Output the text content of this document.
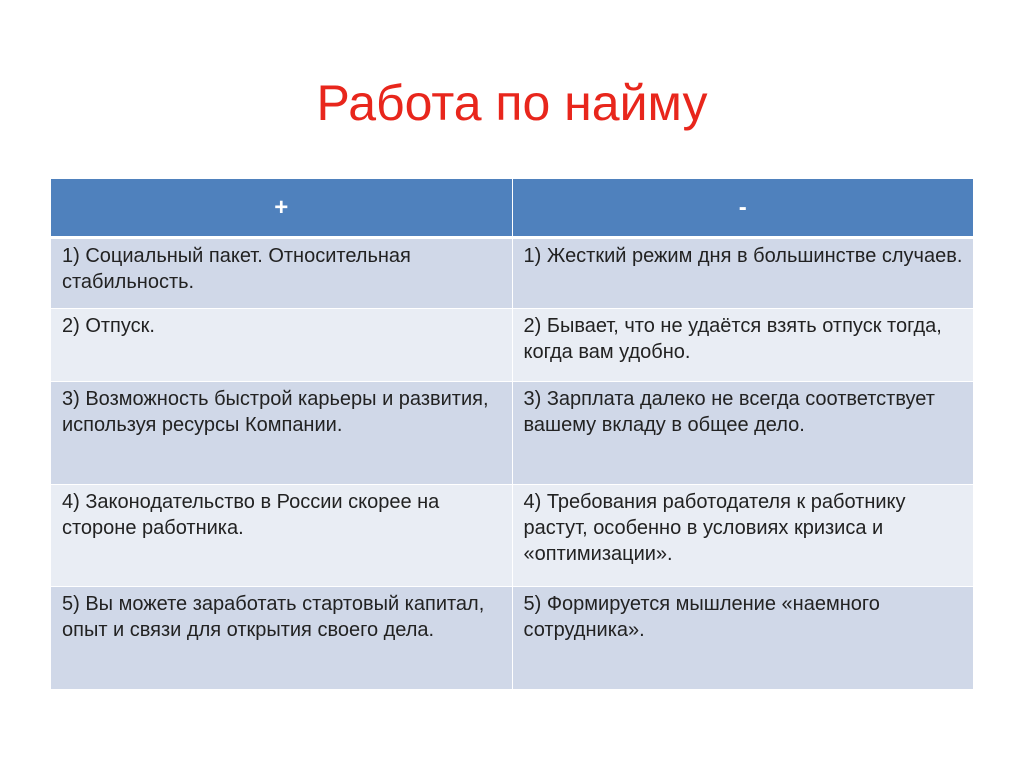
Работа по найму
+	-
1) Социальный пакет. Относительная стабильность.	1) Жесткий режим дня в большинстве случаев.
2) Отпуск.	2) Бывает, что не удаётся взять отпуск тогда, когда вам удобно.
3) Возможность быстрой карьеры и развития, используя ресурсы Компании.	3) Зарплата далеко не всегда соответствует вашему вкладу в общее дело.
4) Законодательство в России скорее на стороне работника.	4) Требования работодателя к работнику растут, особенно в условиях кризиса и «оптимизации».
5) Вы можете заработать стартовый капитал, опыт и связи для открытия своего дела.	5) Формируется мышление «наемного сотрудника».
